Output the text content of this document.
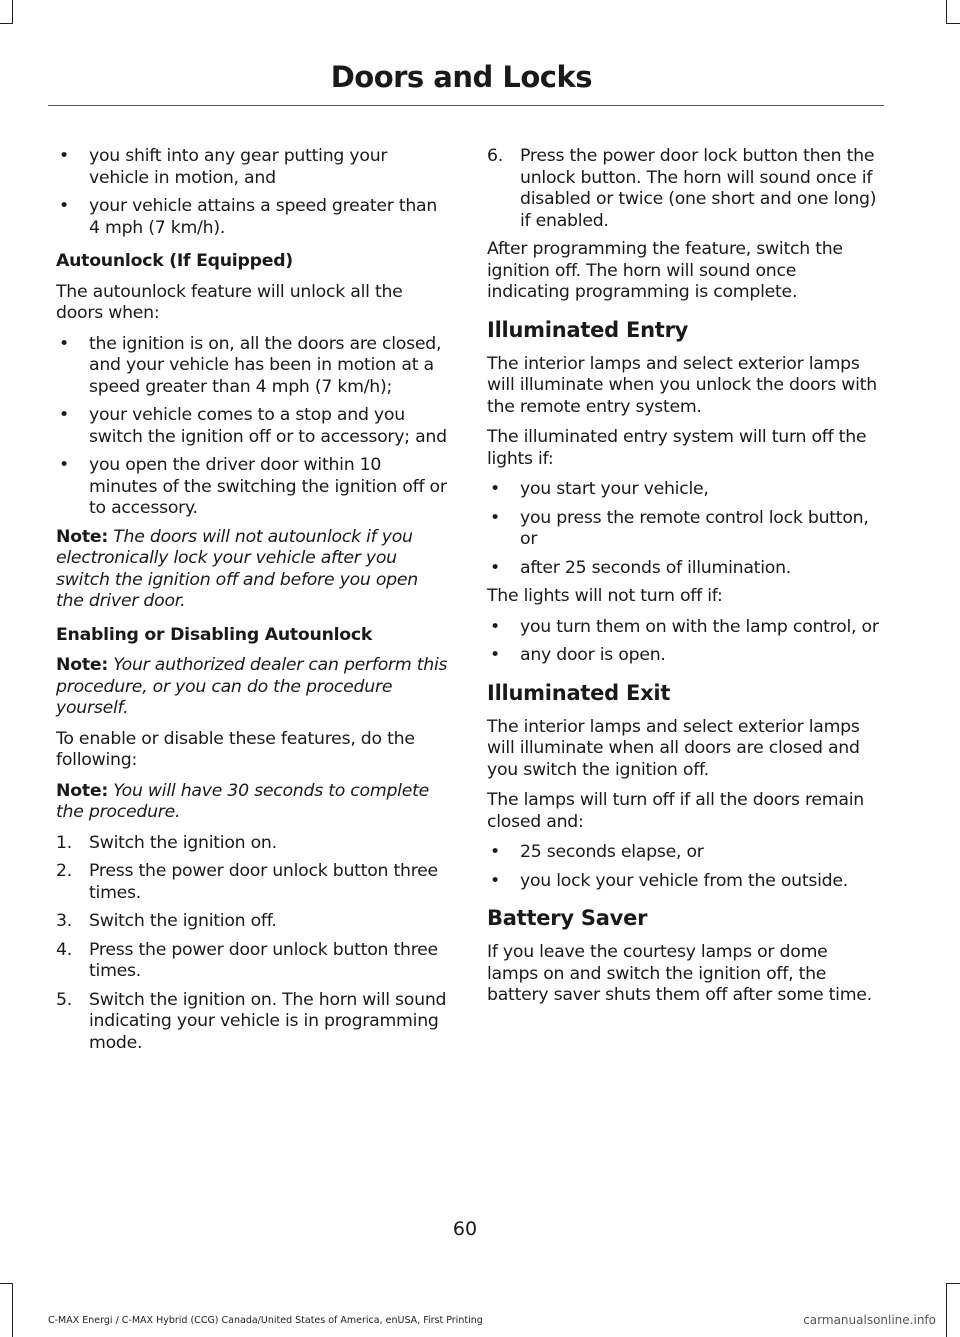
Doors and Locks
• you shift into any gear putting your vehicle in motion, and
• your vehicle attains a speed greater than 4 mph (7 km/h).
Autounlock (If Equipped)

The autounlock feature will unlock all the doors when:

• the ignition is on, all the doors are closed, and your vehicle has been in motion at a speed greater than 4 mph (7 km/h);
• your vehicle comes to a stop and you switch the ignition off or to accessory; and
• you open the driver door within 10 minutes of the switching the ignition off or to accessory.

Note: The doors will not autounlock if you electronically lock your vehicle after you switch the ignition off and before you open the driver door.

Enabling or Disabling Autounlock

Note: Your authorized dealer can perform this procedure, or you can do the procedure yourself.

To enable or disable these features, do the following:

Note: You will have 30 seconds to complete the procedure.

1. Switch the ignition on.
2. Press the power door unlock button three times.
3. Switch the ignition off.
4. Press the power door unlock button three times.
5. Switch the ignition on. The horn will sound indicating your vehicle is in programming mode.
6. Press the power door lock button then the unlock button. The horn will sound once if disabled or twice (one short and one long) if enabled.

After programming the feature, switch the ignition off. The horn will sound once indicating programming is complete.

Illuminated Entry

The interior lamps and select exterior lamps will illuminate when you unlock the doors with the remote entry system.

The illuminated entry system will turn off the lights if:

• you start your vehicle,
• you press the remote control lock button, or
• after 25 seconds of illumination.

The lights will not turn off if:

• you turn them on with the lamp control, or
• any door is open.
Illuminated Exit

The interior lamps and select exterior lamps will illuminate when all doors are closed and you switch the ignition off.

The lamps will turn off if all the doors remain closed and:

• 25 seconds elapse, or
• you lock your vehicle from the outside.
Battery Saver

If you leave the courtesy lamps or dome lamps on and switch the ignition off, the battery saver shuts them off after some time.

60
C-MAX Energi / C-MAX Hybrid (CCG) Canada/United States of America, enUSA, First Printing	carmanualsonline.info
